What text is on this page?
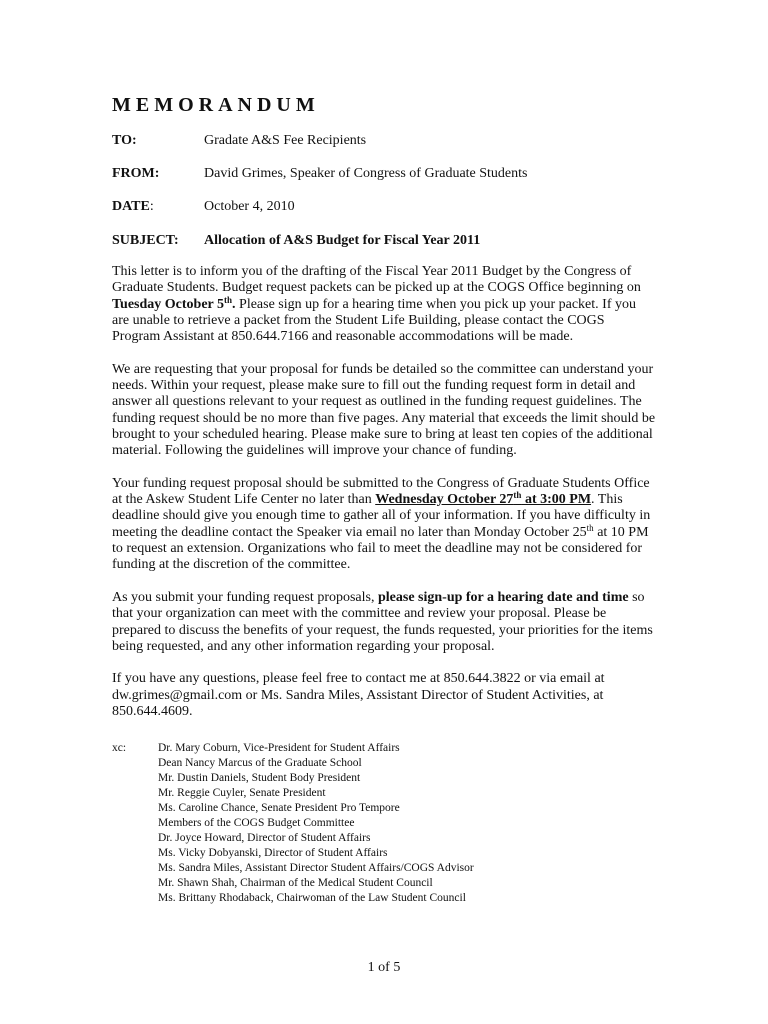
MEMORANDUM
TO:	Gradate A&S Fee Recipients
FROM:	David Grimes, Speaker of Congress of Graduate Students
DATE:	October 4, 2010
SUBJECT: Allocation of A&S Budget for Fiscal Year 2011

This letter is to inform you of the drafting of the Fiscal Year 2011 Budget by the Congress of Graduate Students. Budget request packets can be picked up at the COGS Office beginning on Tuesday October 5th. Please sign up for a hearing time when you pick up your packet. If you are unable to retrieve a packet from the Student Life Building, please contact the COGS Program Assistant at 850.644.7166 and reasonable accommodations will be made.

We are requesting that your proposal for funds be detailed so the committee can understand your needs. Within your request, please make sure to fill out the funding request form in detail and answer all questions relevant to your request as outlined in the funding request guidelines. The funding request should be no more than five pages. Any material that exceeds the limit should be brought to your scheduled hearing. Please make sure to bring at least ten copies of the additional material. Following the guidelines will improve your chance of funding.

Your funding request proposal should be submitted to the Congress of Graduate Students Office at the Askew Student Life Center no later than Wednesday October 27th at 3:00 PM. This deadline should give you enough time to gather all of your information. If you have difficulty in meeting the deadline contact the Speaker via email no later than Monday October 25th at 10 PM to request an extension. Organizations who fail to meet the deadline may not be considered for funding at the discretion of the committee.

As you submit your funding request proposals, please sign-up for a hearing date and time so that your organization can meet with the committee and review your proposal. Please be prepared to discuss the benefits of your request, the funds requested, your priorities for the items being requested, and any other information regarding your proposal.

If you have any questions, please feel free to contact me at 850.644.3822 or via email at dw.grimes@gmail.com or Ms. Sandra Miles, Assistant Director of Student Activities, at 850.644.4609.

xc:	Dr. Mary Coburn, Vice-President for Student Affairs
Dean Nancy Marcus of the Graduate School
Mr. Dustin Daniels, Student Body President
Mr. Reggie Cuyler, Senate President
Ms. Caroline Chance, Senate President Pro Tempore
Members of the COGS Budget Committee
Dr. Joyce Howard, Director of Student Affairs
Ms. Vicky Dobyanski, Director of Student Affairs
Ms. Sandra Miles, Assistant Director Student Affairs/COGS Advisor
Mr. Shawn Shah, Chairman of the Medical Student Council
Ms. Brittany Rhodaback, Chairwoman of the Law Student Council
1 of 5
